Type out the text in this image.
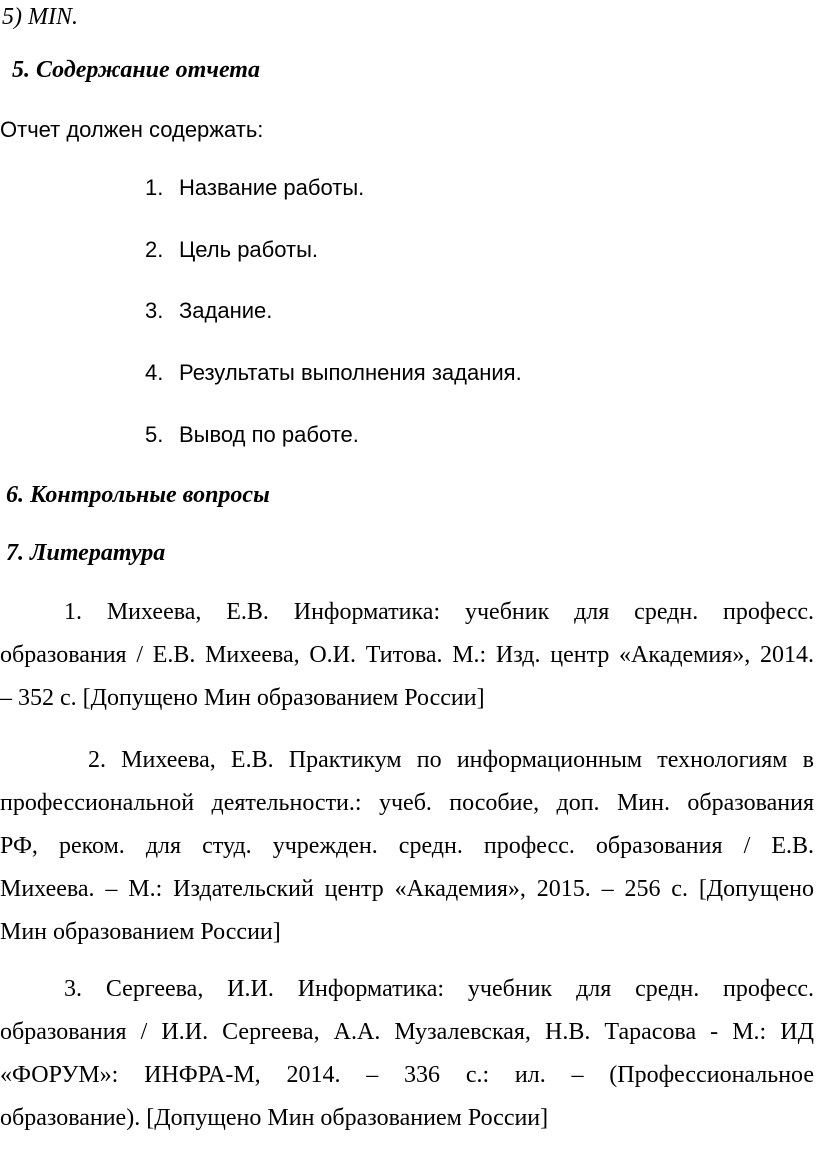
5) MIN.
5. Содержание отчета
Отчет должен содержать:
1. Название работы.
2. Цель работы.
3. Задание.
4. Результаты выполнения задания.
5. Вывод по работе.
6. Контрольные вопросы
7. Литература
1. Михеева, Е.В. Информатика: учебник для средн. професс.
образования / Е.В. Михеева, О.И. Титова. М.: Изд. центр «Академия», 2014.
– 352 с. [Допущено Мин образованием России]
2. Михеева, Е.В. Практикум по информационным технологиям в
профессиональной деятельности.: учеб. пособие, доп. Мин. образования
РФ, реком. для студ. учрежден. средн. професс. образования / Е.В.
Михеева. – М.: Издательский центр «Академия», 2015. – 256 с. [Допущено
Мин образованием России]
3. Сергеева, И.И. Информатика: учебник для средн. професс.
образования / И.И. Сергеева, А.А. Музалевская, Н.В. Тарасова - М.: ИД
«ФОРУМ»: ИНФРА-М, 2014. – 336 с.: ил. – (Профессиональное
образование). [Допущено Мин образованием России]
